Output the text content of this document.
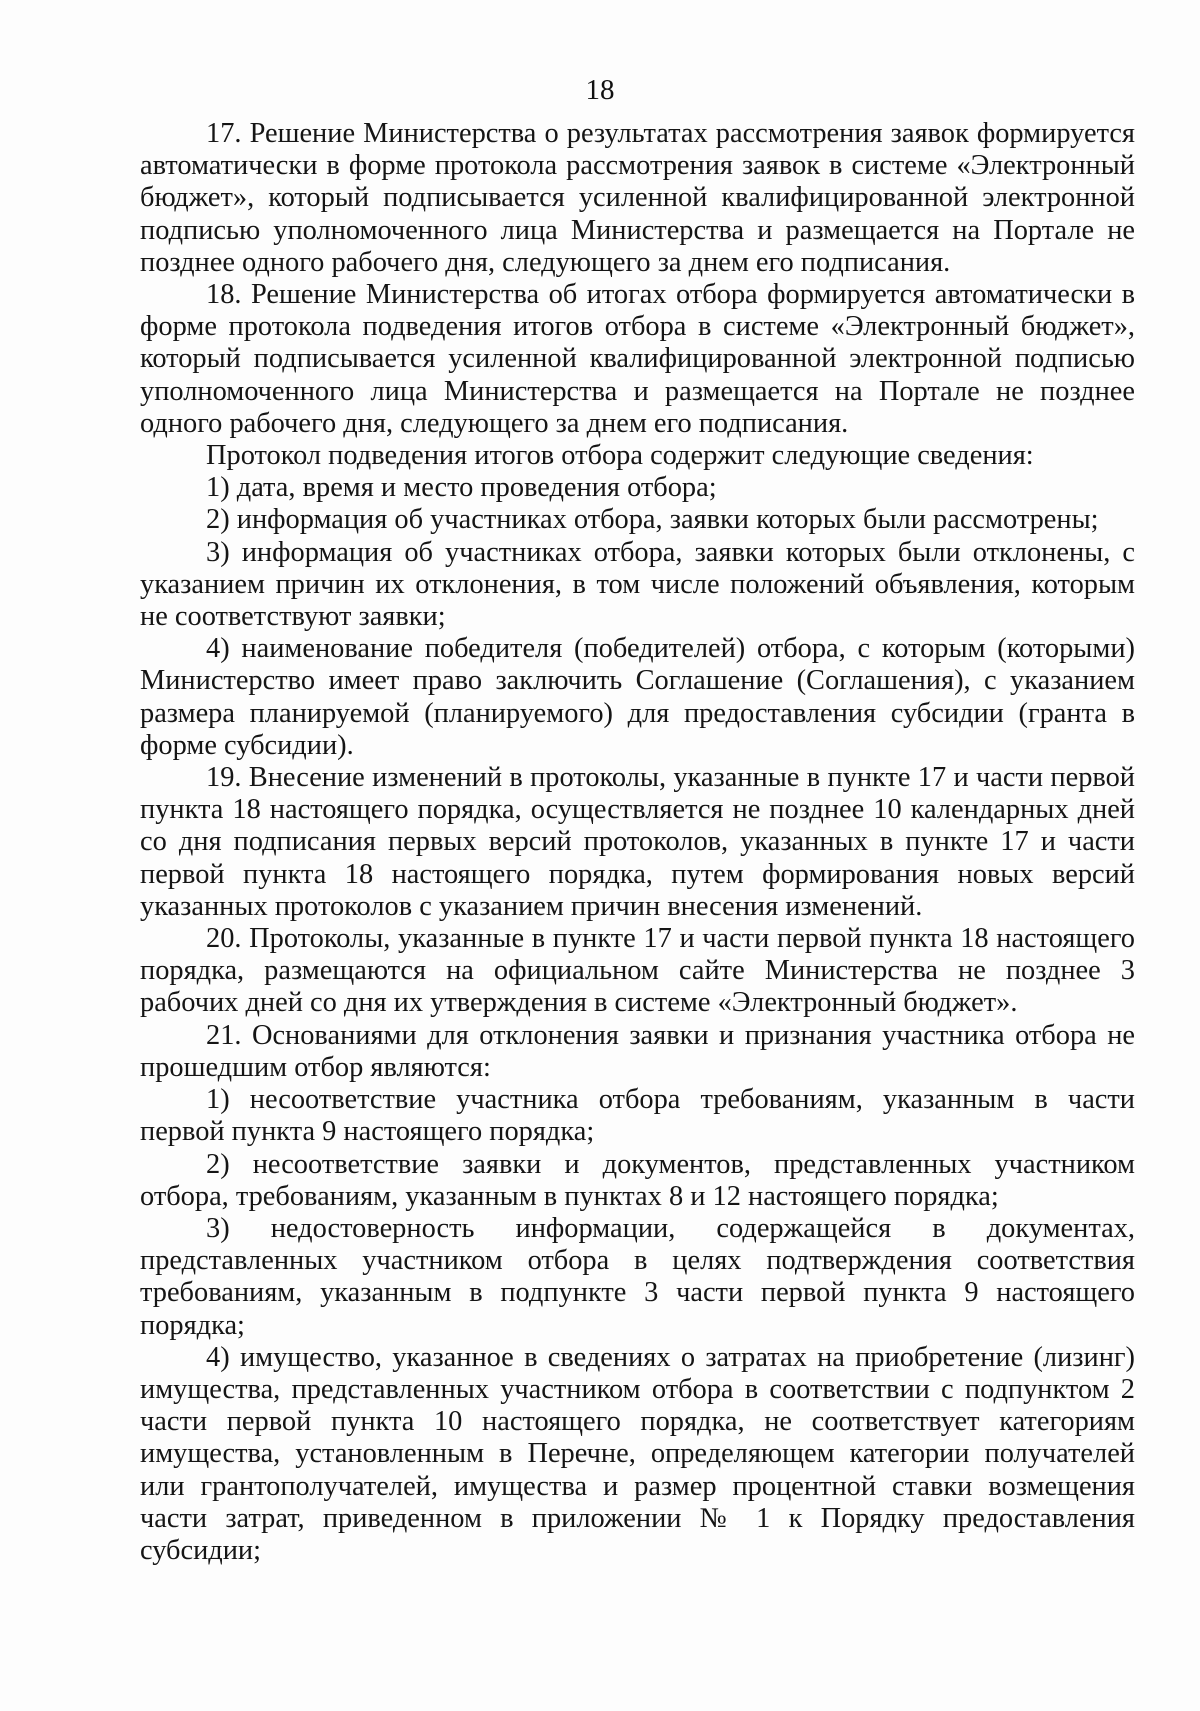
18

17. Решение Министерства о результатах рассмотрения заявок формируется автоматически в форме протокола рассмотрения заявок в системе «Электронный бюджет», который подписывается усиленной квалифицированной электронной подписью уполномоченного лица Министерства и размещается на Портале не позднее одного рабочего дня, следующего за днем его подписания.

18. Решение Министерства об итогах отбора формируется автоматически в форме протокола подведения итогов отбора в системе «Электронный бюджет», который подписывается усиленной квалифицированной электронной подписью уполномоченного лица Министерства и размещается на Портале не позднее одного рабочего дня, следующего за днем его подписания.

Протокол подведения итогов отбора содержит следующие сведения:

1) дата, время и место проведения отбора;

2) информация об участниках отбора, заявки которых были рассмотрены;

3) информация об участниках отбора, заявки которых были отклонены, с указанием причин их отклонения, в том числе положений объявления, которым не соответствуют заявки;

4) наименование победителя (победителей) отбора, с которым (которыми) Министерство имеет право заключить Соглашение (Соглашения), с указанием размера планируемой (планируемого) для предоставления субсидии (гранта в форме субсидии).

19. Внесение изменений в протоколы, указанные в пункте 17 и части первой пункта 18 настоящего порядка, осуществляется не позднее 10 календарных дней со дня подписания первых версий протоколов, указанных в пункте 17 и части первой пункта 18 настоящего порядка, путем формирования новых версий указанных протоколов с указанием причин внесения изменений.

20. Протоколы, указанные в пункте 17 и части первой пункта 18 настоящего порядка, размещаются на официальном сайте Министерства не позднее 3 рабочих дней со дня их утверждения в системе «Электронный бюджет».

21. Основаниями для отклонения заявки и признания участника отбора не прошедшим отбор являются:

1) несоответствие участника отбора требованиям, указанным в части первой пункта 9 настоящего порядка;

2) несоответствие заявки и документов, представленных участником отбора, требованиям, указанным в пунктах 8 и 12 настоящего порядка;

3) недостоверность информации, содержащейся в документах, представленных участником отбора в целях подтверждения соответствия требованиям, указанным в подпункте 3 части первой пункта 9 настоящего порядка;

4) имущество, указанное в сведениях о затратах на приобретение (лизинг) имущества, представленных участником отбора в соответствии с подпунктом 2 части первой пункта 10 настоящего порядка, не соответствует категориям имущества, установленным в Перечне, определяющем категории получателей или грантополучателей, имущества и размер процентной ставки возмещения части затрат, приведенном в приложении № 1 к Порядку предоставления субсидии;
